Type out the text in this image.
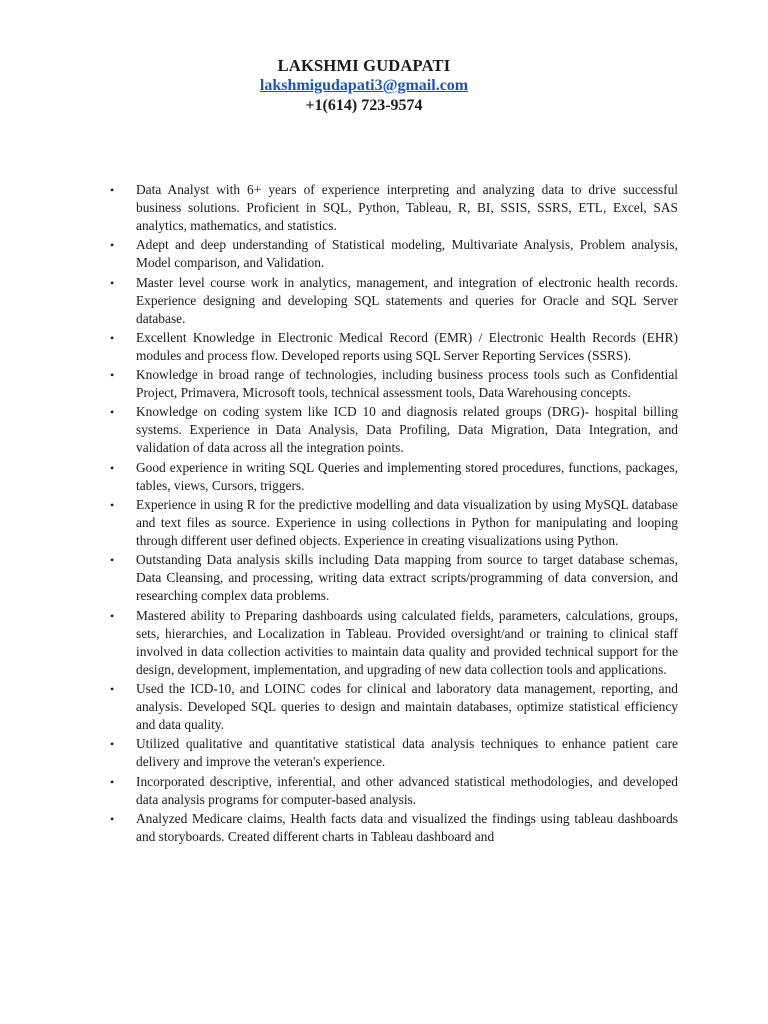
LAKSHMI GUDAPATI
lakshmigudapati3@gmail.com
+1(614) 723-9574
• Data Analyst with 6+ years of experience interpreting and analyzing data to drive successful business solutions. Proficient in SQL, Python, Tableau, R, BI, SSIS, SSRS, ETL, Excel, SAS analytics, mathematics, and statistics.
• Adept and deep understanding of Statistical modeling, Multivariate Analysis, Problem analysis, Model comparison, and Validation.
• Master level course work in analytics, management, and integration of electronic health records. Experience designing and developing SQL statements and queries for Oracle and SQL Server database.
• Excellent Knowledge in Electronic Medical Record (EMR) / Electronic Health Records (EHR) modules and process flow. Developed reports using SQL Server Reporting Services (SSRS).
• Knowledge in broad range of technologies, including business process tools such as Confidential Project, Primavera, Microsoft tools, technical assessment tools, Data Warehousing concepts.
• Knowledge on coding system like ICD 10 and diagnosis related groups (DRG)- hospital billing systems. Experience in Data Analysis, Data Profiling, Data Migration, Data Integration, and validation of data across all the integration points.
• Good experience in writing SQL Queries and implementing stored procedures, functions, packages, tables, views, Cursors, triggers.
• Experience in using R for the predictive modelling and data visualization by using MySQL database and text files as source. Experience in using collections in Python for manipulating and looping through different user defined objects. Experience in creating visualizations using Python.
• Outstanding Data analysis skills including Data mapping from source to target database schemas, Data Cleansing, and processing, writing data extract scripts/programming of data conversion, and researching complex data problems.
• Mastered ability to Preparing dashboards using calculated fields, parameters, calculations, groups, sets, hierarchies, and Localization in Tableau. Provided oversight/and or training to clinical staff involved in data collection activities to maintain data quality and provided technical support for the design, development, implementation, and upgrading of new data collection tools and applications.
• Used the ICD-10, and LOINC codes for clinical and laboratory data management, reporting, and analysis. Developed SQL queries to design and maintain databases, optimize statistical efficiency and data quality.
• Utilized qualitative and quantitative statistical data analysis techniques to enhance patient care delivery and improve the veteran's experience.
• Incorporated descriptive, inferential, and other advanced statistical methodologies, and developed data analysis programs for computer-based analysis.
• Analyzed Medicare claims, Health facts data and visualized the findings using tableau dashboards and storyboards. Created different charts in Tableau dashboard and
